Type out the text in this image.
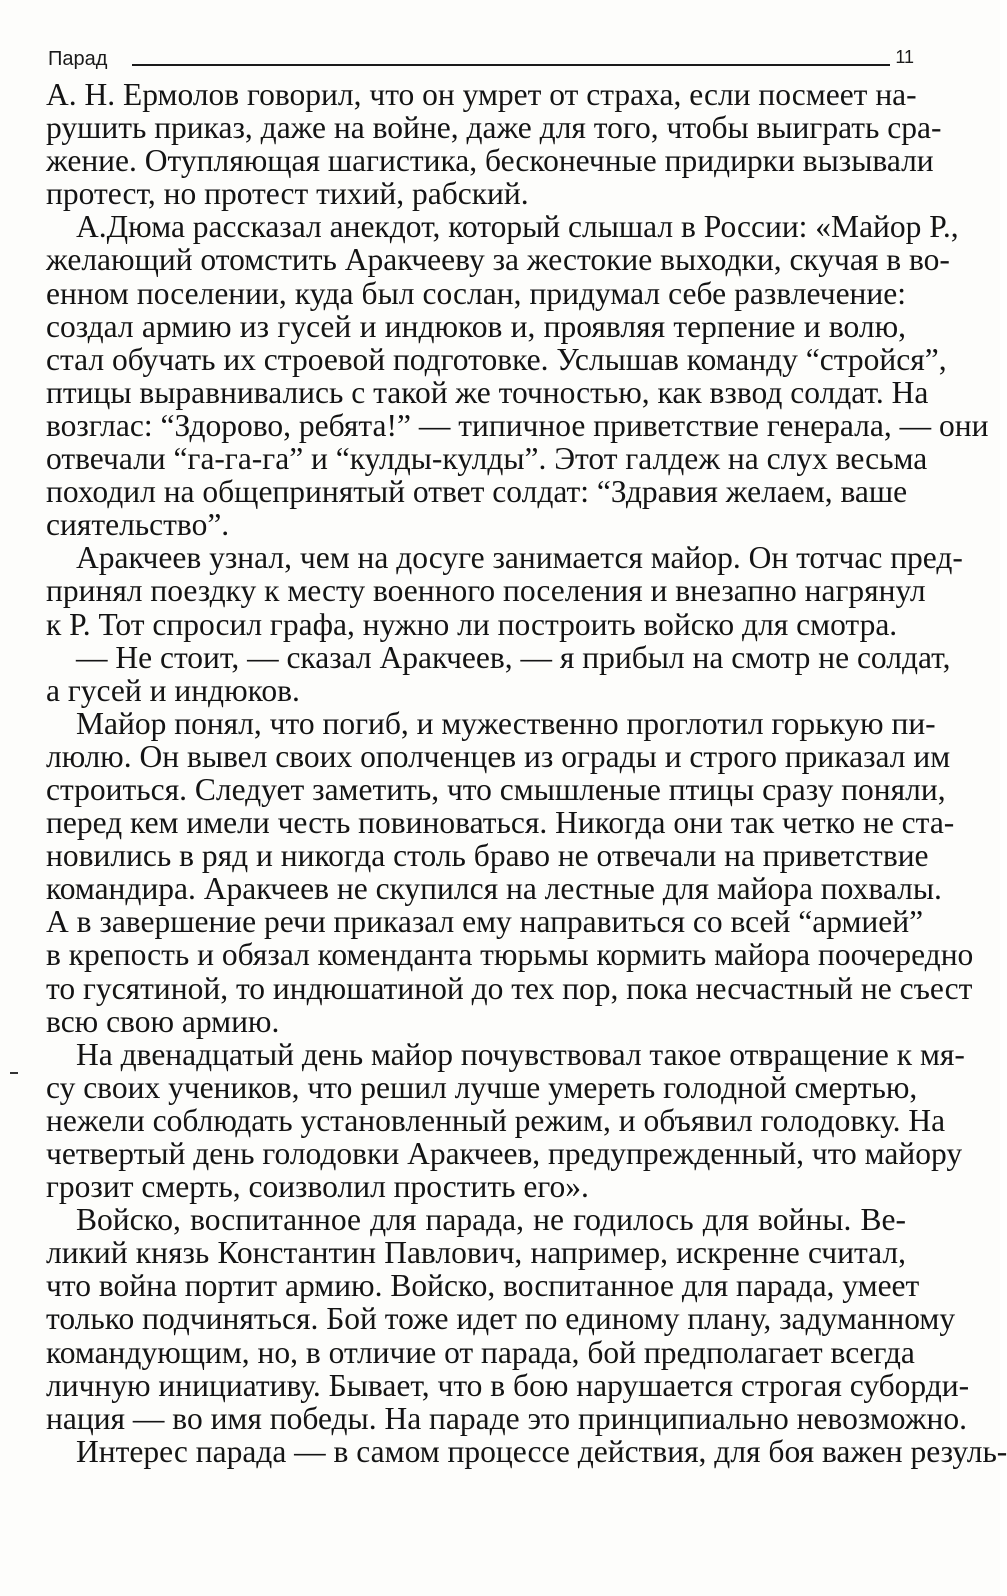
Парад	11
А. Н. Ермолов говорил, что он умрет от страха, если посмеет на-
рушить приказ, даже на войне, даже для того, чтобы выиграть сра-
жение. Отупляющая шагистика, бесконечные придирки вызывали
протест, но протест тихий, рабский.
А.Дюма рассказал анекдот, который слышал в России: «Майор Р.,
желающий отомстить Аракчееву за жестокие выходки, скучая в во-
енном поселении, куда был сослан, придумал себе развлечение:
создал армию из гусей и индюков и, проявляя терпение и волю,
стал обучать их строевой подготовке. Услышав команду “стройся”,
птицы выравнивались с такой же точностью, как взвод солдат. На
возглас: “Здорово, ребята!” — типичное приветствие генерала, — они
отвечали “га-га-га” и “кулды-кулды”. Этот галдеж на слух весьма
походил на общепринятый ответ солдат: “Здравия желаем, ваше
сиятельство”.
Аракчеев узнал, чем на досуге занимается майор. Он тотчас пред-
принял поездку к месту военного поселения и внезапно нагрянул
к Р. Тот спросил графа, нужно ли построить войско для смотра.
— Не стоит, — сказал Аракчеев, — я прибыл на смотр не солдат,
а гусей и индюков.
Майор понял, что погиб, и мужественно проглотил горькую пи-
люлю. Он вывел своих ополченцев из ограды и строго приказал им
строиться. Следует заметить, что смышленые птицы сразу поняли,
перед кем имели честь повиноваться. Никогда они так четко не ста-
новились в ряд и никогда столь браво не отвечали на приветствие
командира. Аракчеев не скупился на лестные для майора похвалы.
А в завершение речи приказал ему направиться со всей “армией”
в крепость и обязал коменданта тюрьмы кормить майора поочередно
то гусятиной, то индюшатиной до тех пор, пока несчастный не съест
всю свою армию.
На двенадцатый день майор почувствовал такое отвращение к мя-
су своих учеников, что решил лучше умереть голодной смертью,
нежели соблюдать установленный режим, и объявил голодовку. На
четвертый день голодовки Аракчеев, предупрежденный, что майору
грозит смерть, соизволил простить его».
Войско, воспитанное для парада, не годилось для войны. Ве-
ликий князь Константин Павлович, например, искренне считал,
что война портит армию. Войско, воспитанное для парада, умеет
только подчиняться. Бой тоже идет по единому плану, задуманному
командующим, но, в отличие от парада, бой предполагает всегда
личную инициативу. Бывает, что в бою нарушается строгая суборди-
нация — во имя победы. На параде это принципиально невозможно.
Интерес парада — в самом процессе действия, для боя важен резуль-
